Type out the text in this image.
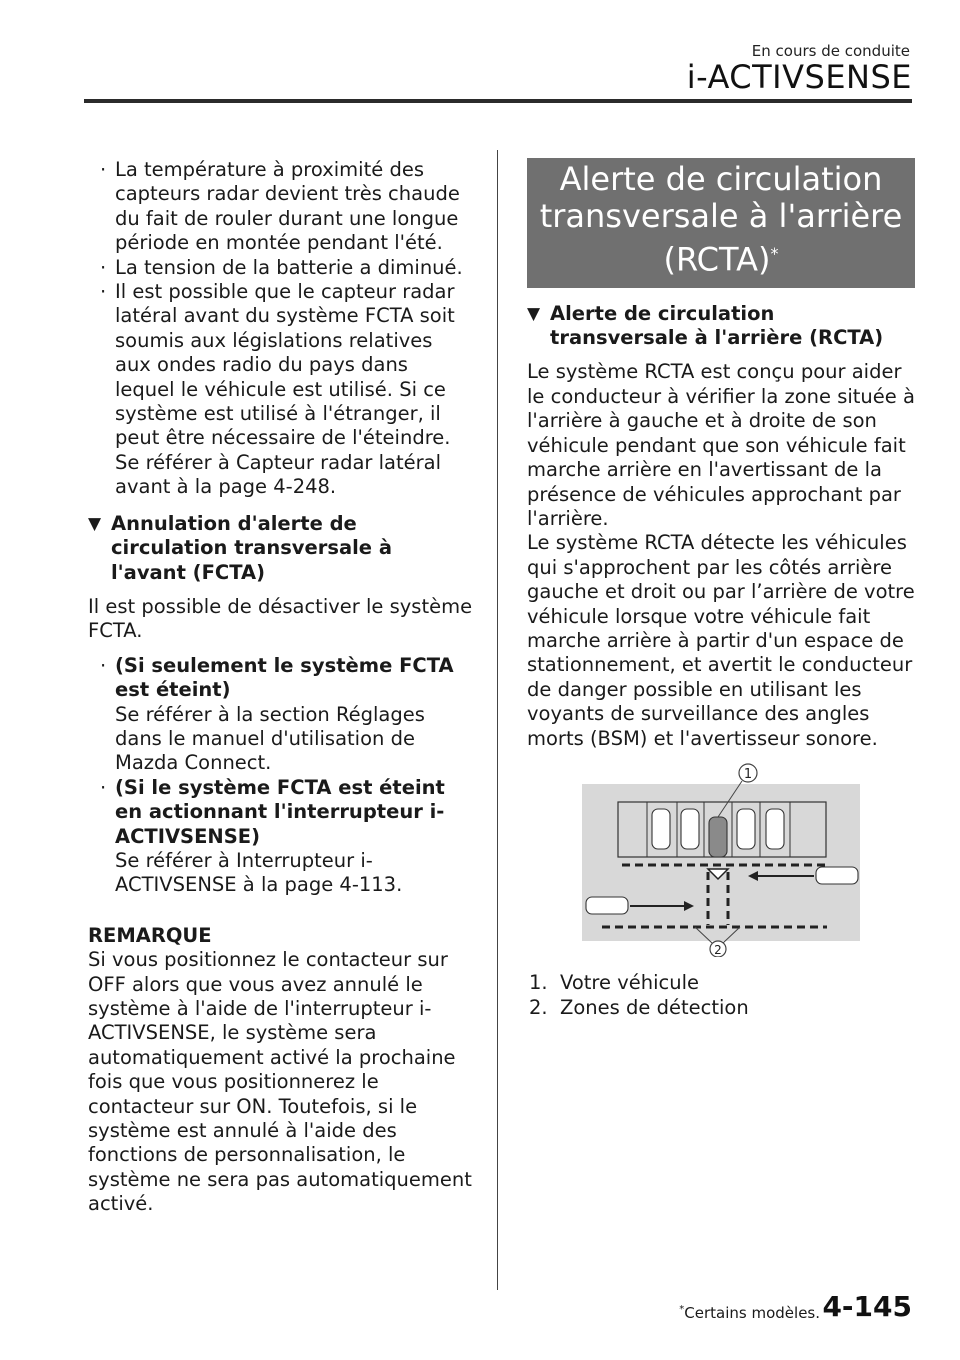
En cours de conduite
i-ACTIVSENSE
· La température à proximité des capteurs radar devient très chaude du fait de rouler durant une longue période en montée pendant l'été.
· La tension de la batterie a diminué.
· Il est possible que le capteur radar latéral avant du système FCTA soit soumis aux législations relatives aux ondes radio du pays dans lequel le véhicule est utilisé. Si ce système est utilisé à l'étranger, il peut être nécessaire de l'éteindre. Se référer à Capteur radar latéral avant à la page 4-248.
▼ Annulation d'alerte de circulation transversale à l'avant (FCTA)

Il est possible de désactiver le système FCTA.

· (Si seulement le système FCTA est éteint)
Se référer à la section Réglages dans le manuel d'utilisation de Mazda Connect.
· (Si le système FCTA est éteint en actionnant l'interrupteur i-ACTIVSENSE)
Se référer à Interrupteur i-ACTIVSENSE à la page 4-113.
REMARQUE

Si vous positionnez le contacteur sur OFF alors que vous avez annulé le système à l'aide de l'interrupteur i-ACTIVSENSE, le système sera automatiquement activé la prochaine fois que vous positionnerez le contacteur sur ON. Toutefois, si le système est annulé à l'aide des fonctions de personnalisation, le système ne sera pas automatiquement activé.

Alerte de circulation
transversale à l'arrière
(RCTA)*
▼ Alerte de circulation transversale à l'arrière (RCTA)

Le système RCTA est conçu pour aider
le conducteur à vérifier la zone située à
l'arrière à gauche et à droite de son
véhicule pendant que son véhicule fait
marche arrière en l'avertissant de la
présence de véhicules approchant par
l'arrière.

Le système RCTA détecte les véhicules qui s'approchent par les côtés arrière gauche et droit ou par l’arrière de votre véhicule lorsque votre véhicule fait marche arrière à partir d'un espace de stationnement, et avertit le conducteur de danger possible en utilisant les voyants de surveillance des angles morts (BSM) et l'avertisseur sonore.

1
2
1. Votre véhicule
2. Zones de détection
*Certains modèles. 4-145
